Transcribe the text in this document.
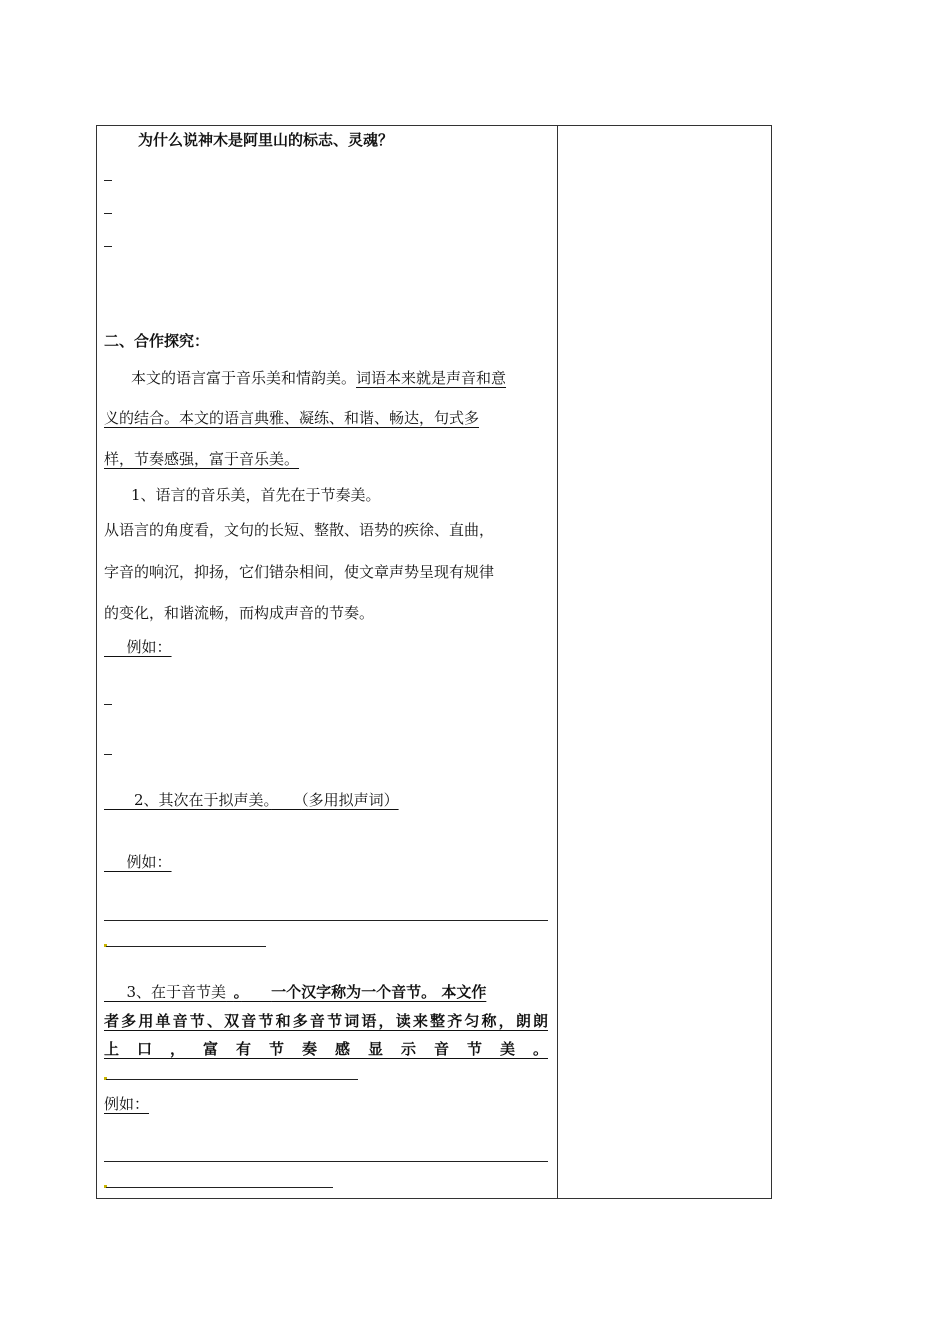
为什么说神木是阿里山的标志、灵魂？
二、合作探究：
本文的语言富于音乐美和情韵美。词语本来就是声音和意
义的结合。本文的语言典雅、凝练、和谐、畅达，句式多
样，节奏感强，富于音乐美。
1、语言的音乐美，首先在于节奏美。
从语言的角度看，文句的长短、整散、语势的疾徐、直曲，
字音的响沉，抑扬，它们错杂相间，使文章声势呈现有规律
的变化，和谐流畅，而构成声音的节奏。
　 例如：
　　2、其次在于拟声美。　　 （多用拟声词）
　 例如：
　 3、在于音节美  。　　 一个汉字称为一个音节。 本文作
者多用单音节、双音节和多音节词语，读来整齐匀称，朗朗
上口，富有节奏感显示音节美。
例如：
